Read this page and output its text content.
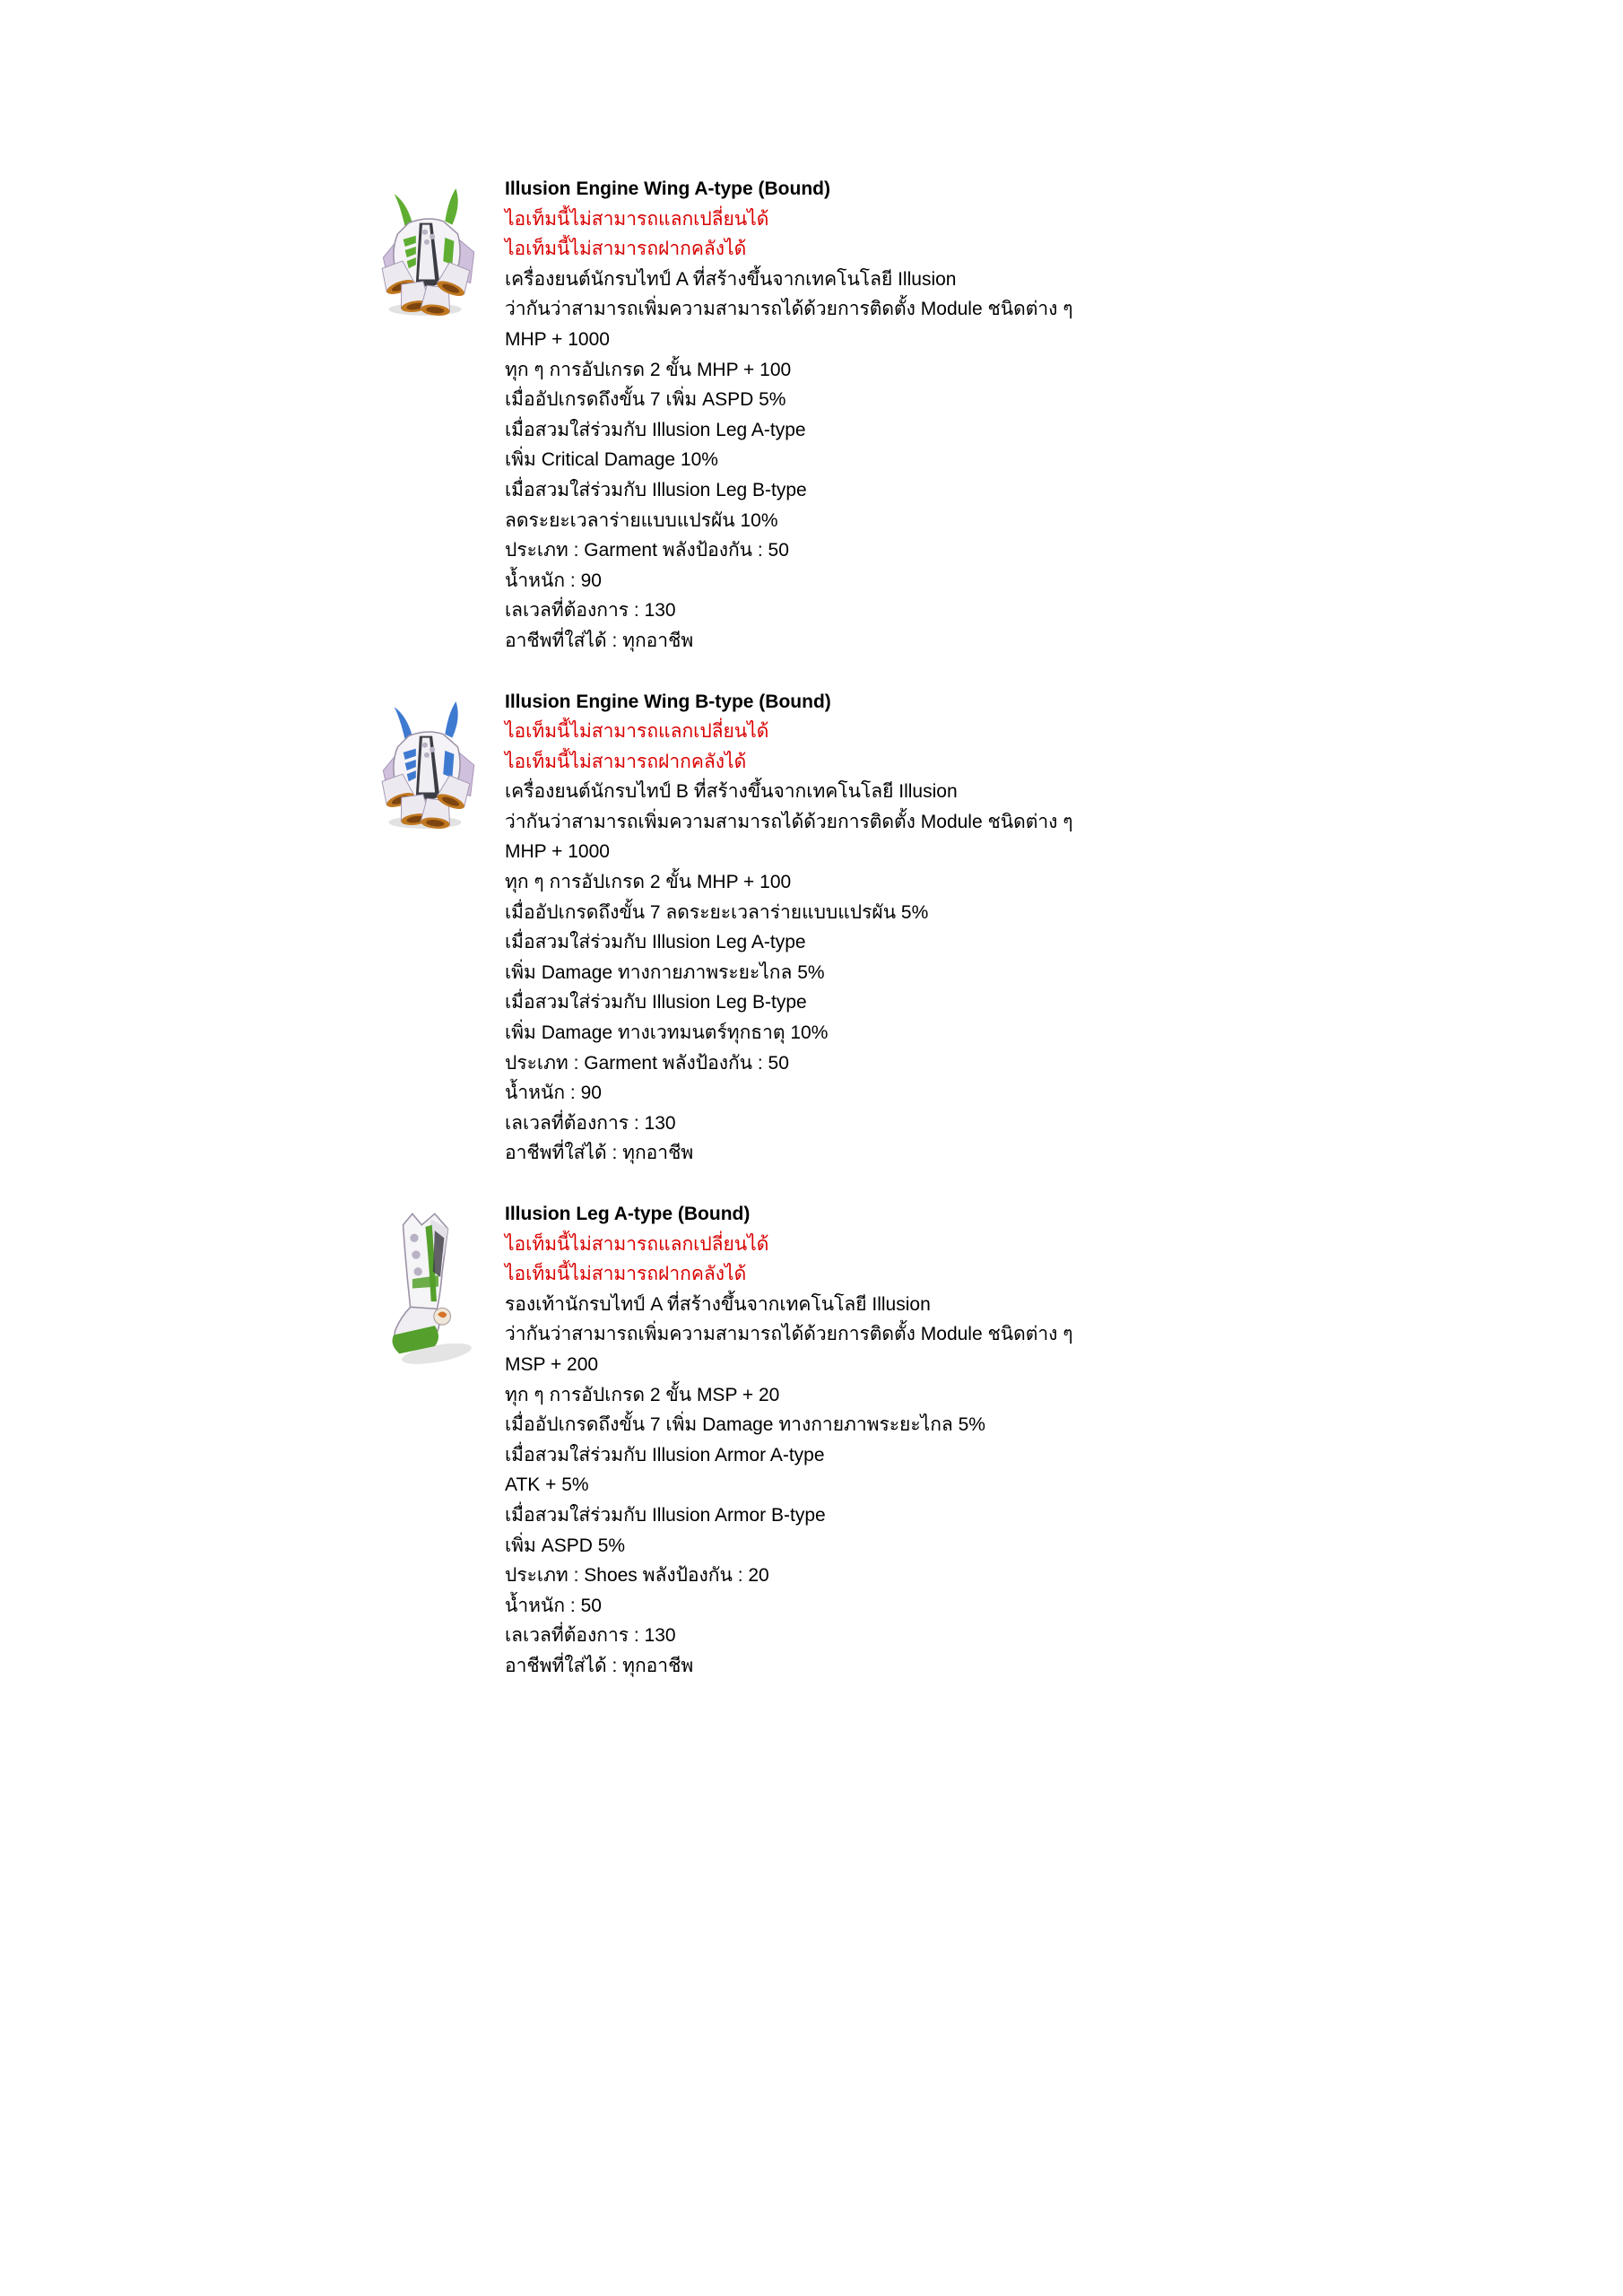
Illusion Engine Wing A-type (Bound)
ไอเท็มนี้ไม่สามารถแลกเปลี่ยนได้
ไอเท็มนี้ไม่สามารถฝากคลังได้
เครื่องยนต์นักรบไทป์ A ที่สร้างขึ้นจากเทคโนโลยี Illusion
ว่ากันว่าสามารถเพิ่มความสามารถได้ด้วยการติดตั้ง Module ชนิดต่าง ๆ
MHP + 1000
ทุก ๆ การอัปเกรด 2 ขั้น MHP + 100
เมื่ออัปเกรดถึงขั้น 7 เพิ่ม ASPD 5%
เมื่อสวมใส่ร่วมกับ Illusion Leg A-type
เพิ่ม Critical Damage 10%
เมื่อสวมใส่ร่วมกับ Illusion Leg B-type
ลดระยะเวลาร่ายแบบแปรผัน 10%
ประเภท : Garment พลังป้องกัน : 50
น้ำหนัก : 90
เลเวลที่ต้องการ : 130
อาชีพที่ใส่ได้ : ทุกอาชีพ
Illusion Engine Wing B-type (Bound)
ไอเท็มนี้ไม่สามารถแลกเปลี่ยนได้
ไอเท็มนี้ไม่สามารถฝากคลังได้
เครื่องยนต์นักรบไทป์ B ที่สร้างขึ้นจากเทคโนโลยี Illusion
ว่ากันว่าสามารถเพิ่มความสามารถได้ด้วยการติดตั้ง Module ชนิดต่าง ๆ
MHP + 1000
ทุก ๆ การอัปเกรด 2 ขั้น MHP + 100
เมื่ออัปเกรดถึงขั้น 7 ลดระยะเวลาร่ายแบบแปรผัน 5%
เมื่อสวมใส่ร่วมกับ Illusion Leg A-type
เพิ่ม Damage ทางกายภาพระยะไกล 5%
เมื่อสวมใส่ร่วมกับ Illusion Leg B-type
เพิ่ม Damage ทางเวทมนตร์ทุกธาตุ 10%
ประเภท : Garment พลังป้องกัน : 50
น้ำหนัก : 90
เลเวลที่ต้องการ : 130
อาชีพที่ใส่ได้ : ทุกอาชีพ
Illusion Leg A-type (Bound)
ไอเท็มนี้ไม่สามารถแลกเปลี่ยนได้
ไอเท็มนี้ไม่สามารถฝากคลังได้
รองเท้านักรบไทป์ A ที่สร้างขึ้นจากเทคโนโลยี Illusion
ว่ากันว่าสามารถเพิ่มความสามารถได้ด้วยการติดตั้ง Module ชนิดต่าง ๆ
MSP + 200
ทุก ๆ การอัปเกรด 2 ขั้น MSP + 20
เมื่ออัปเกรดถึงขั้น 7 เพิ่ม Damage ทางกายภาพระยะไกล 5%
เมื่อสวมใส่ร่วมกับ Illusion Armor A-type
ATK + 5%
เมื่อสวมใส่ร่วมกับ Illusion Armor B-type
เพิ่ม ASPD 5%
ประเภท : Shoes พลังป้องกัน : 20
น้ำหนัก : 50
เลเวลที่ต้องการ : 130
อาชีพที่ใส่ได้ : ทุกอาชีพ
